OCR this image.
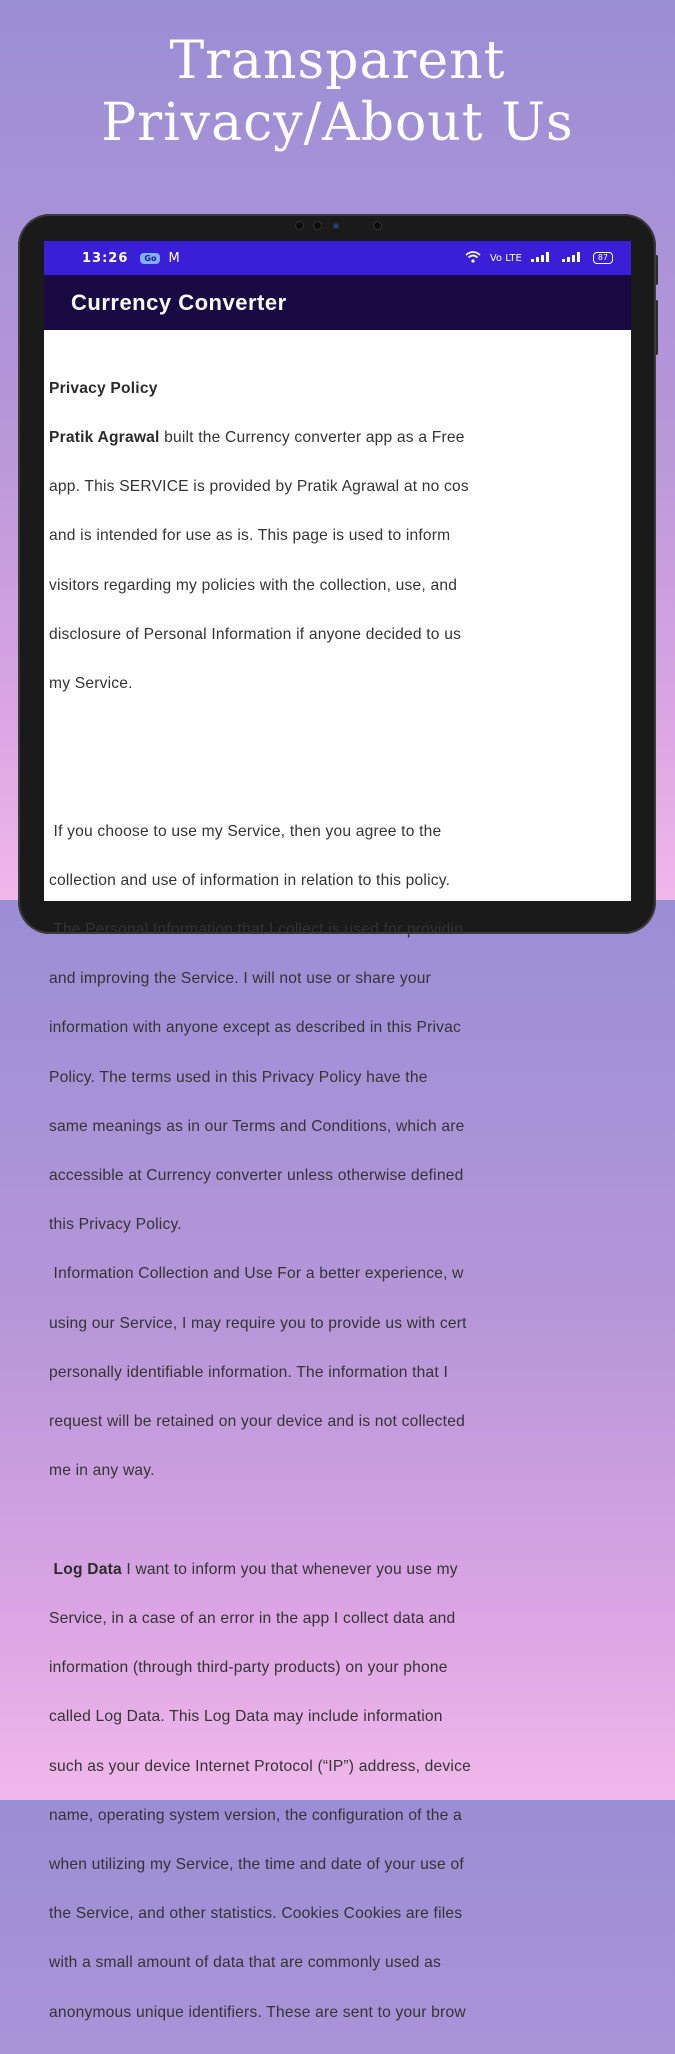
Transparent
Privacy/About Us
13:26	Go M	Vo LTE	87
Currency Converter

Privacy Policy

Pratik Agrawal built the Currency converter app as a Free

app. This SERVICE is provided by Pratik Agrawal at no cos

and is intended for use as is. This page is used to inform

visitors regarding my policies with the collection, use, and

disclosure of Personal Information if anyone decided to us

my Service.

If you choose to use my Service, then you agree to the

collection and use of information in relation to this policy.

The Personal Information that I collect is used for providin

and improving the Service. I will not use or share your

information with anyone except as described in this Privac

Policy. The terms used in this Privacy Policy have the

same meanings as in our Terms and Conditions, which are

accessible at Currency converter unless otherwise defined

this Privacy Policy.

Information Collection and Use For a better experience, w

using our Service, I may require you to provide us with cert

personally identifiable information. The information that I

request will be retained on your device and is not collected

me in any way.

Log Data I want to inform you that whenever you use my

Service, in a case of an error in the app I collect data and

information (through third-party products) on your phone

called Log Data. This Log Data may include information

such as your device Internet Protocol (“IP”) address, device

name, operating system version, the configuration of the a

when utilizing my Service, the time and date of your use of

the Service, and other statistics. Cookies Cookies are files

with a small amount of data that are commonly used as

anonymous unique identifiers. These are sent to your brow
